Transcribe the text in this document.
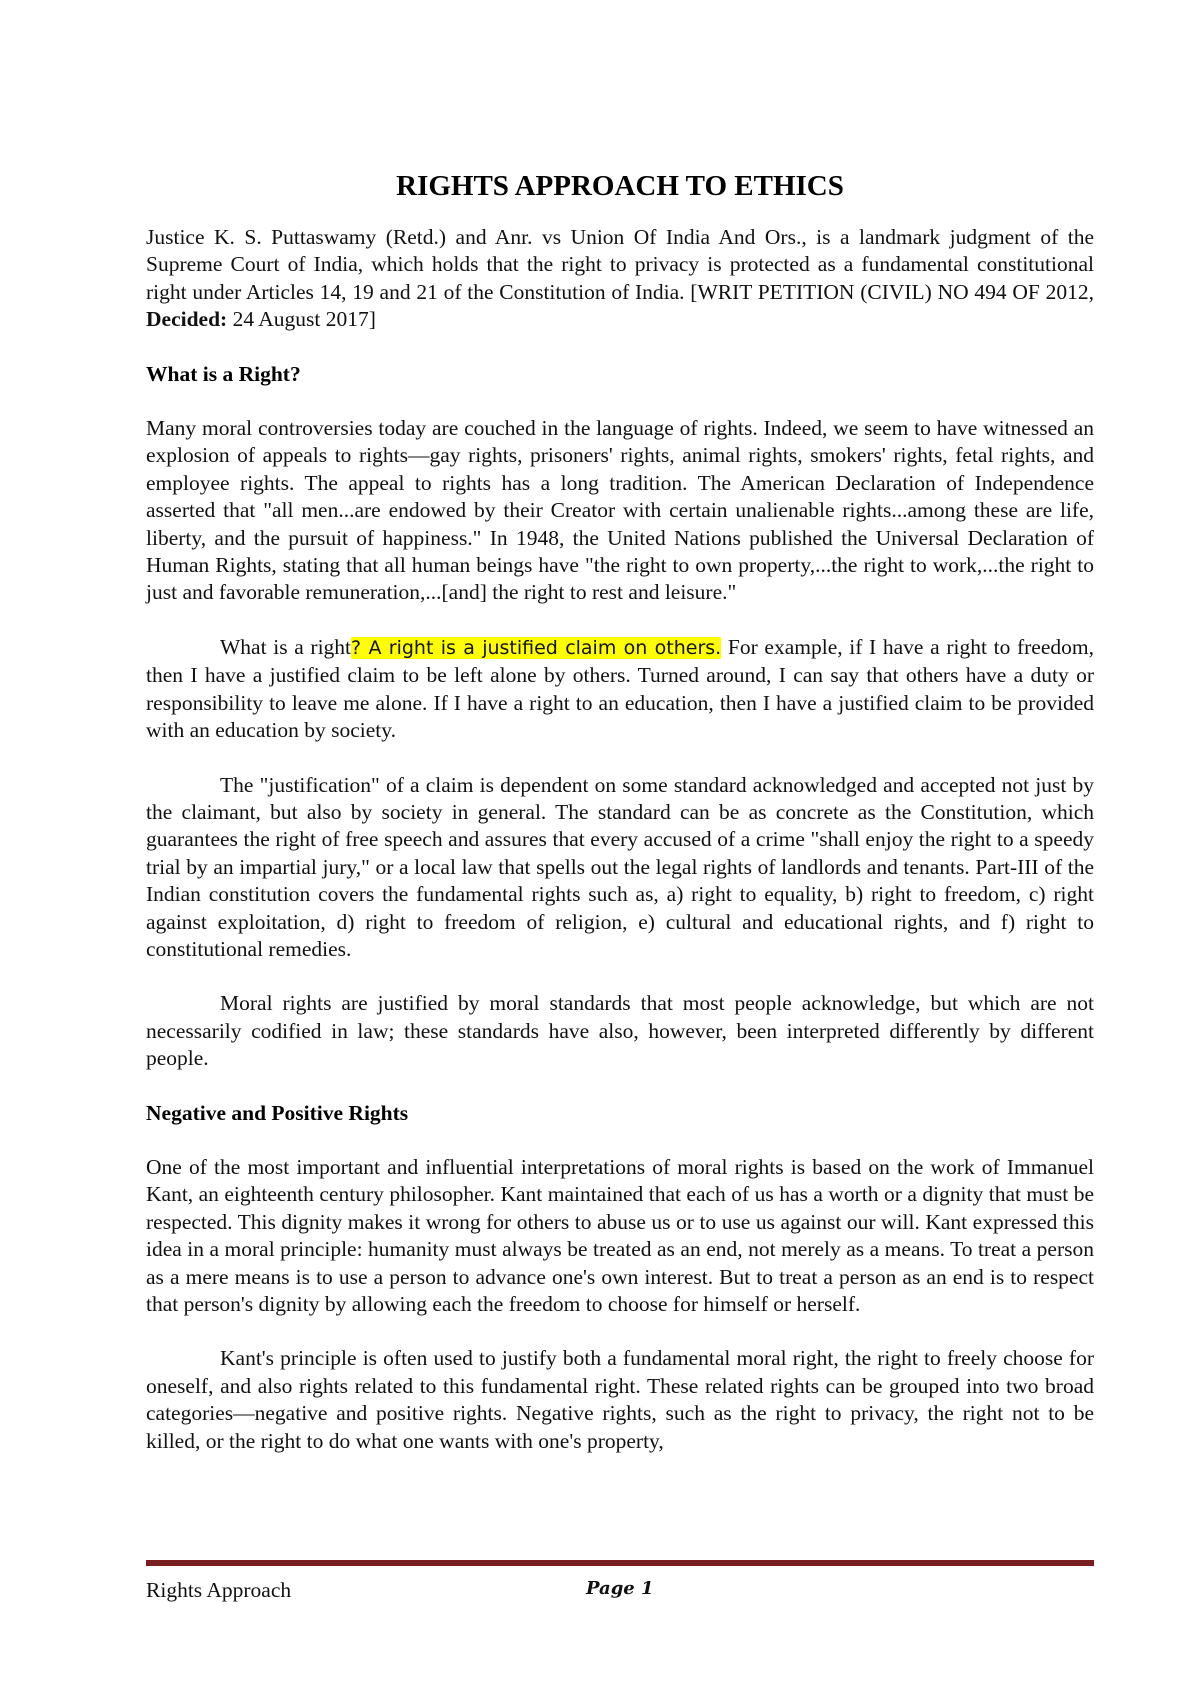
RIGHTS APPROACH TO ETHICS

Justice K. S. Puttaswamy (Retd.) and Anr. vs Union Of India And Ors., is a landmark judgment of the Supreme Court of India, which holds that the right to privacy is protected as a fundamental constitutional right under Articles 14, 19 and 21 of the Constitution of India. [WRIT PETITION (CIVIL) NO 494 OF 2012, Decided: 24 August 2017]

What is a Right?

Many moral controversies today are couched in the language of rights. Indeed, we seem to have witnessed an explosion of appeals to rights—gay rights, prisoners' rights, animal rights, smokers' rights, fetal rights, and employee rights. The appeal to rights has a long tradition. The American Declaration of Independence asserted that "all men...are endowed by their Creator with certain unalienable rights...among these are life, liberty, and the pursuit of happiness." In 1948, the United Nations published the Universal Declaration of Human Rights, stating that all human beings have "the right to own property,...the right to work,...the right to just and favorable remuneration,...[and] the right to rest and leisure."

What is a right? A right is a justified claim on others. For example, if I have a right to freedom, then I have a justified claim to be left alone by others. Turned around, I can say that others have a duty or responsibility to leave me alone. If I have a right to an education, then I have a justified claim to be provided with an education by society.

The "justification" of a claim is dependent on some standard acknowledged and accepted not just by the claimant, but also by society in general. The standard can be as concrete as the Constitution, which guarantees the right of free speech and assures that every accused of a crime "shall enjoy the right to a speedy trial by an impartial jury," or a local law that spells out the legal rights of landlords and tenants. Part-III of the Indian constitution covers the fundamental rights such as, a) right to equality, b) right to freedom, c) right against exploitation, d) right to freedom of religion, e) cultural and educational rights, and f) right to constitutional remedies.

Moral rights are justified by moral standards that most people acknowledge, but which are not necessarily codified in law; these standards have also, however, been interpreted differently by different people.

Negative and Positive Rights

One of the most important and influential interpretations of moral rights is based on the work of Immanuel Kant, an eighteenth century philosopher. Kant maintained that each of us has a worth or a dignity that must be respected. This dignity makes it wrong for others to abuse us or to use us against our will. Kant expressed this idea in a moral principle: humanity must always be treated as an end, not merely as a means. To treat a person as a mere means is to use a person to advance one's own interest. But to treat a person as an end is to respect that person's dignity by allowing each the freedom to choose for himself or herself.

Kant's principle is often used to justify both a fundamental moral right, the right to freely choose for oneself, and also rights related to this fundamental right. These related rights can be grouped into two broad categories—negative and positive rights. Negative rights, such as the right to privacy, the right not to be killed, or the right to do what one wants with one's property,

Rights Approach	Page 1
